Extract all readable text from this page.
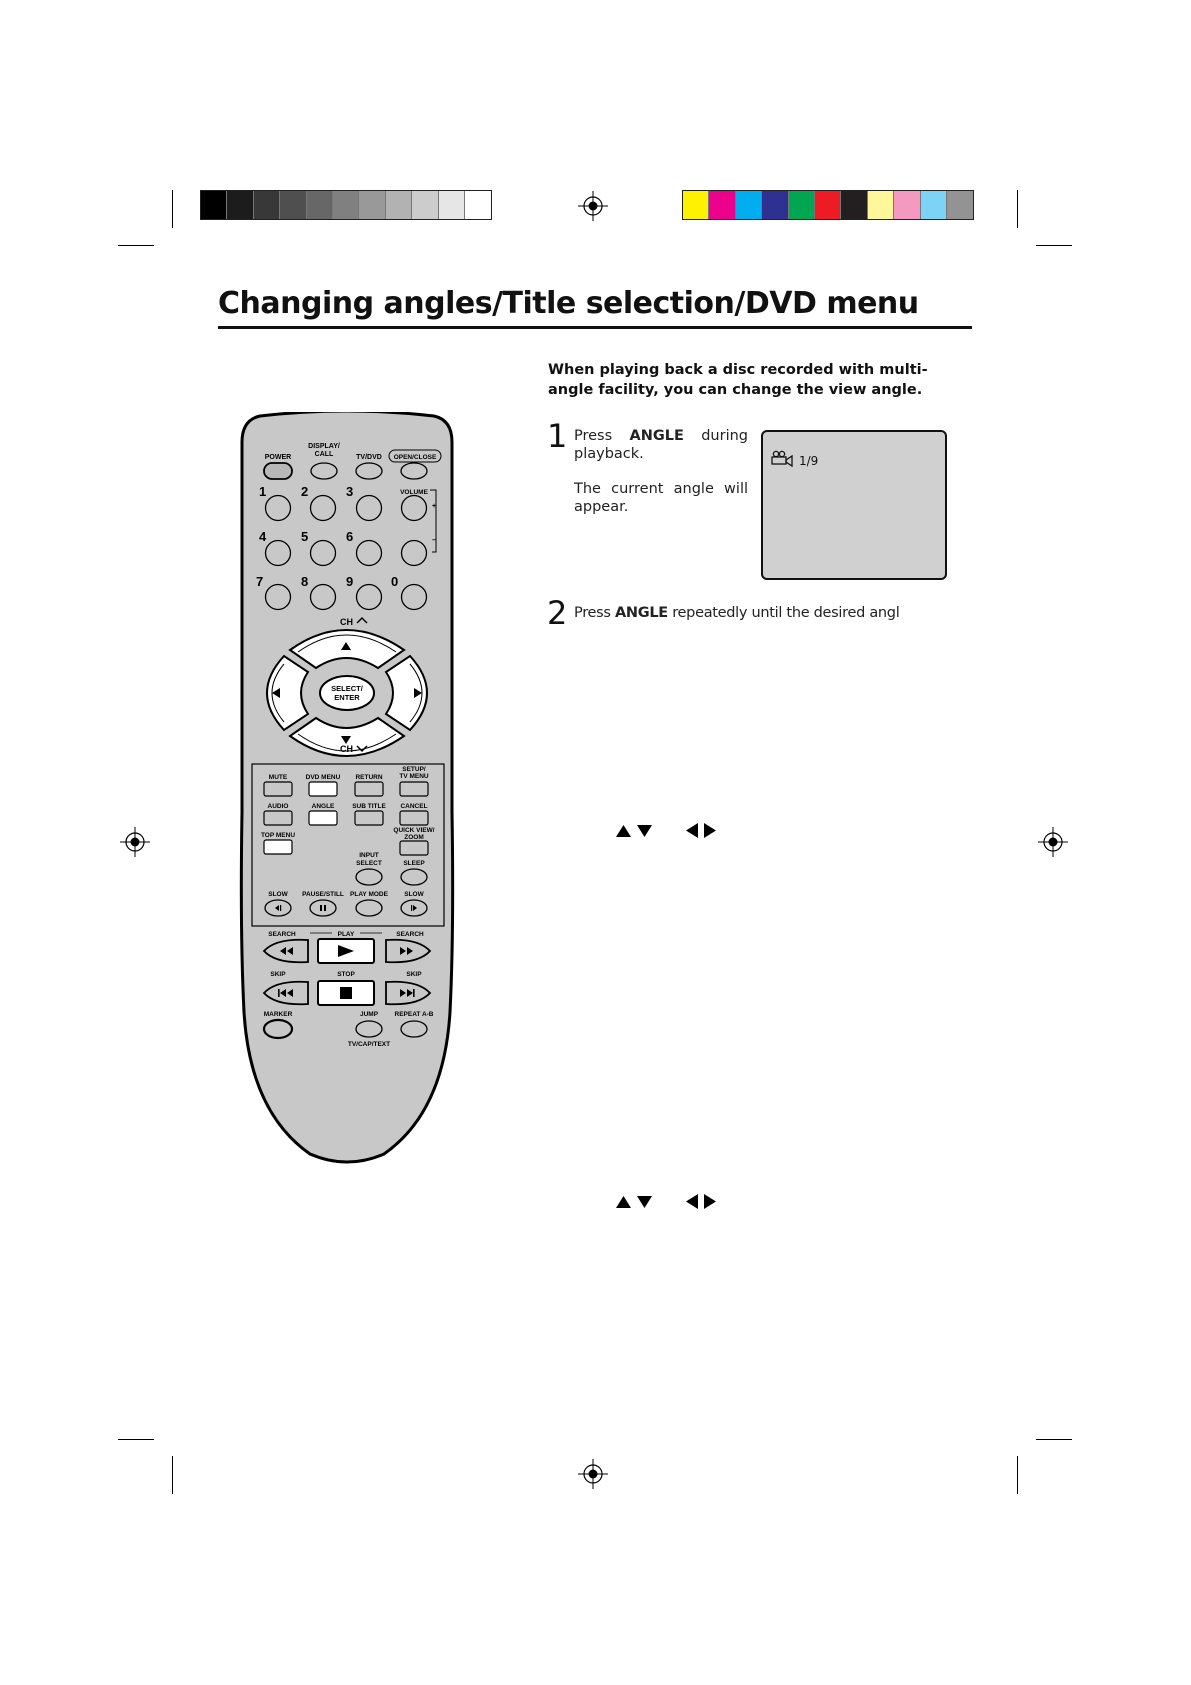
Changing angles/Title selection/DVD menu

When playing back a disc recorded with multi-angle facility, you can change the view angle.

1 Press ANGLE during playback.

The current angle will appear.

1/9
2 Press ANGLE repeatedly until the desired angl

POWER
DISPLAY/
CALL	TV/DVD OPEN/CLOSE
1	2	3	VOLUME
4	5	6
+
–
7	8	9	0
CH
SELECT/
ENTER
CH
MUTE	DVD MENU RETURN
SETUP/
TV MENU
AUDIO	ANGLE	SUB TITLE CANCEL
TOP MENU
QUICK VIEW/
ZOOM
INPUT
SELECT	SLEEP
SLOW PAUSE/STILL PLAY MODE	SLOW
SEARCH	PLAY	SEARCH
SKIP	STOP	SKIP
MARKER	JUMP	REPEAT A-B
TV/CAP/TEXT
